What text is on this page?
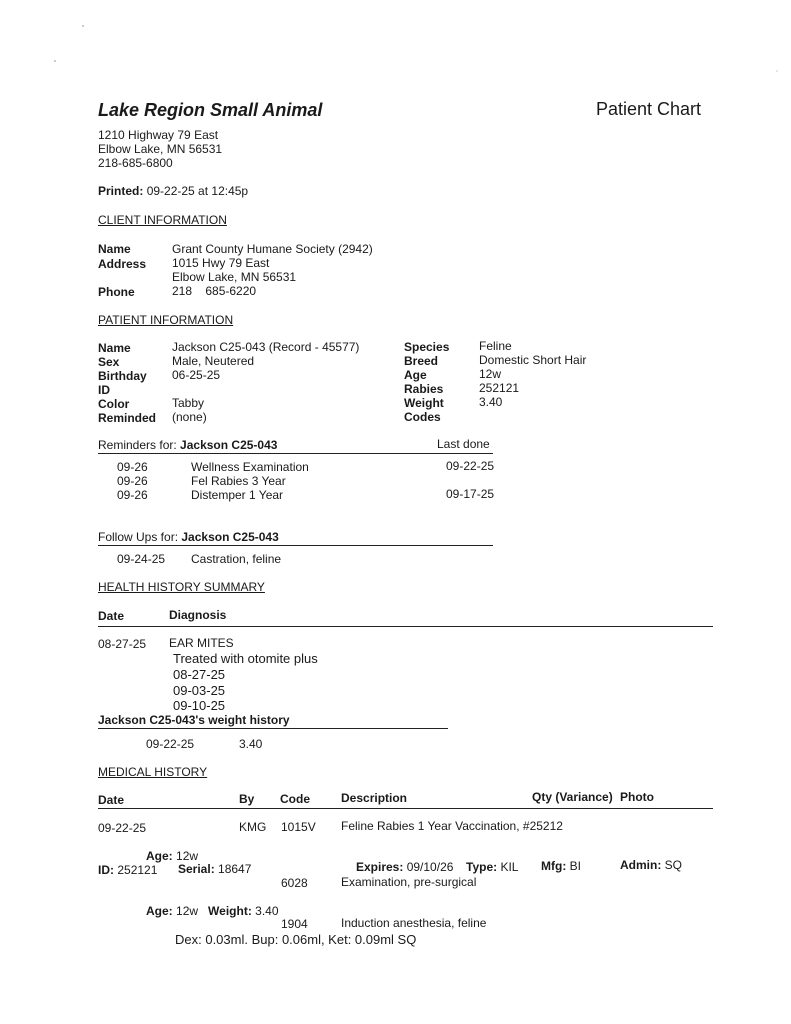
Lake Region Small Animal	Patient Chart
1210 Highway 79 East
Elbow Lake, MN 56531
218-685-6800
Printed: 09-22-25 at 12:45p
CLIENT INFORMATION
Name	Grant County Humane Society (2942)
Address 1015 Hwy 79 East
Elbow Lake, MN 56531
Phone	218    685-6220
PATIENT INFORMATION
Name	Jackson C25-043 (Record - 45577)
Sex	Male, Neutered
Birthday 06-25-25
ID
Color	Tabby
Reminded (none)
Species Feline
Breed	Domestic Short Hair
Age	12w
Rabies	252121
Weight	3.40
Codes
Reminders for: Jackson C25-043	Last done
09-26	Wellness Examination	09-22-25
09-26	Fel Rabies 3 Year
09-26	Distemper 1 Year	09-17-25
Follow Ups for: Jackson C25-043
09-24-25 Castration, feline
HEALTH HISTORY SUMMARY
Date	Diagnosis
08-27-25 EAR MITES
Treated with otomite plus
08-27-25
09-03-25
09-10-25
Jackson C25-043's weight history
09-22-25	3.40
MEDICAL HISTORY
Date	By Code	Description	Qty (Variance) Photo
09-22-25	KMG 1015V Feline Rabies 1 Year Vaccination, #25212
Age: 12w
ID: 252121 Serial: 18647	Expires: 09/10/26 Type: KIL Mfg: BI	Admin: SQ
6028	Examination, pre-surgical
Age: 12w Weight: 3.40
1904	Induction anesthesia, feline
Dex: 0.03ml. Bup: 0.06ml, Ket: 0.09ml SQ
